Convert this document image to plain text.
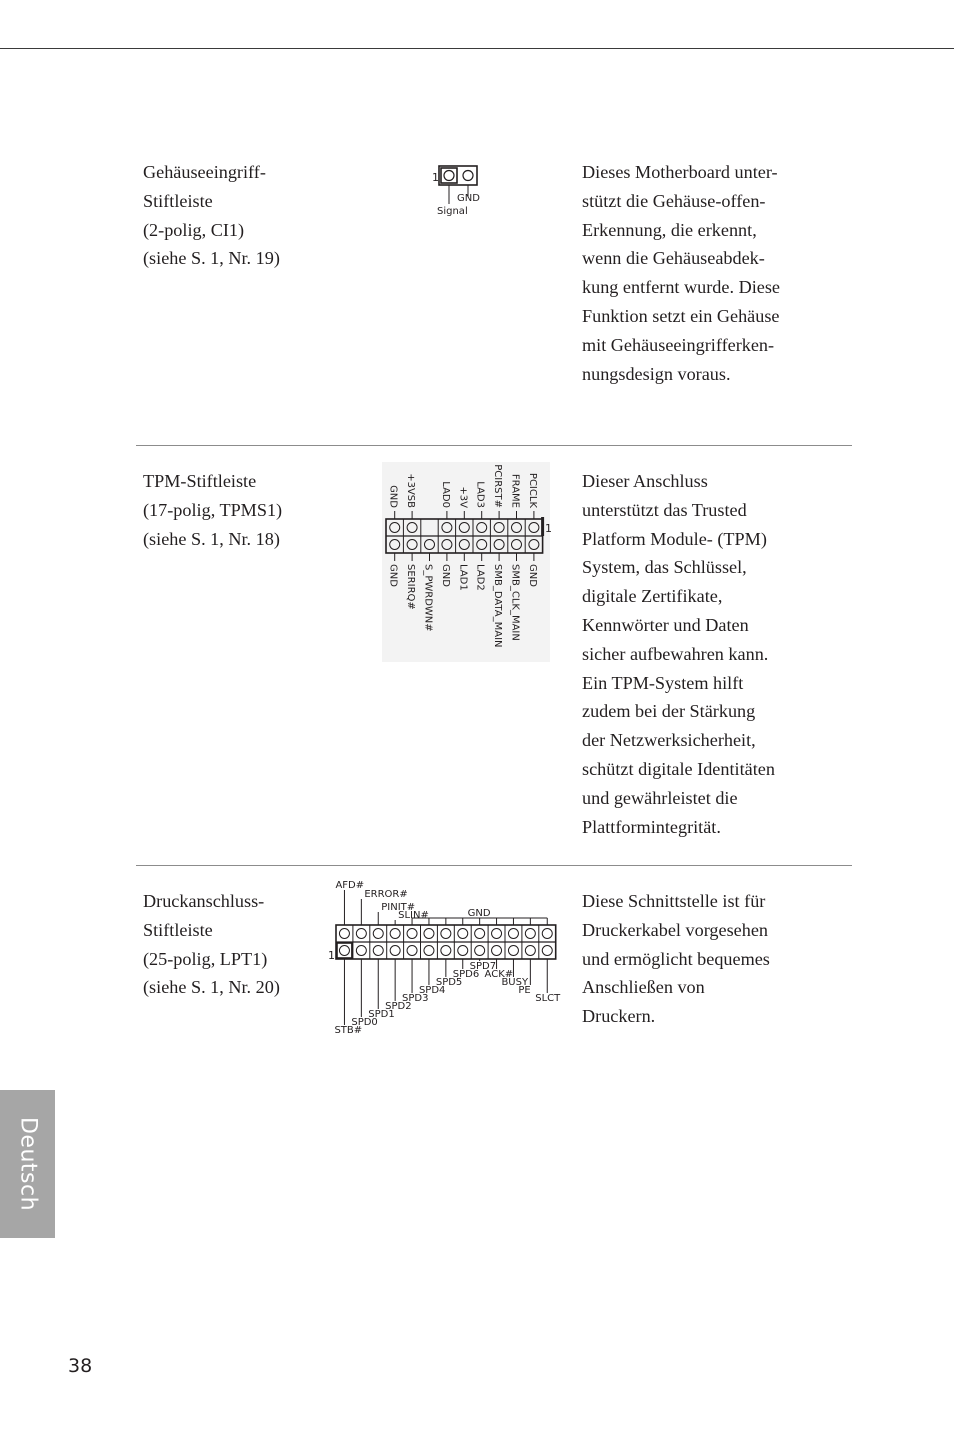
Gehäuseeingriff-
Stiftleiste
(2-polig, CI1)
(siehe S. 1, Nr. 19)
1
GND
Signal
Dieses Motherboard unter-
stützt die Gehäuse-offen-
Erkennung, die erkennt,
wenn die Gehäuseabdek-
kung entfernt wurde. Diese
Funktion setzt ein Gehäuse
mit Gehäuseeingrifferken-
nungsdesign voraus.
TPM-Stiftleiste
(17-polig, TPMS1)
(siehe S. 1, Nr. 18)
GND
GND
SERIRQ#
+3VSB
S_PWRDWN# GND
LAD0
LAD1
+3V
LAD2
LAD3
SMB_DATA_MAIN
PCIRST#
SMB_CLK_MAIN
FRAME
GND
PCICLK
1
Dieser Anschluss
unterstützt das Trusted
Platform Module- (TPM)
System, das Schlüssel,
digitale Zertifikate,
Kennwörter und Daten
sicher aufbewahren kann.
Ein TPM-System hilft
zudem bei der Stärkung
der Netzwerksicherheit,
schützt digitale Identitäten
und gewährleistet die
Plattformintegrität.
Druckanschluss-
Stiftleiste
(25-polig, LPT1)
(siehe S. 1, Nr. 20)
AFD#
ERROR#
PINIT#
SLIN#	GND
STB#
SPD0
SPD1
SPD2
SPD3
SPD4
SPD5
SPD6
SPD7
ACK#
BUSY
PE
SLCT
1
Diese Schnittstelle ist für
Druckerkabel vorgesehen
und ermöglicht bequemes
Anschließen von
Druckern.
Deutsch
38
